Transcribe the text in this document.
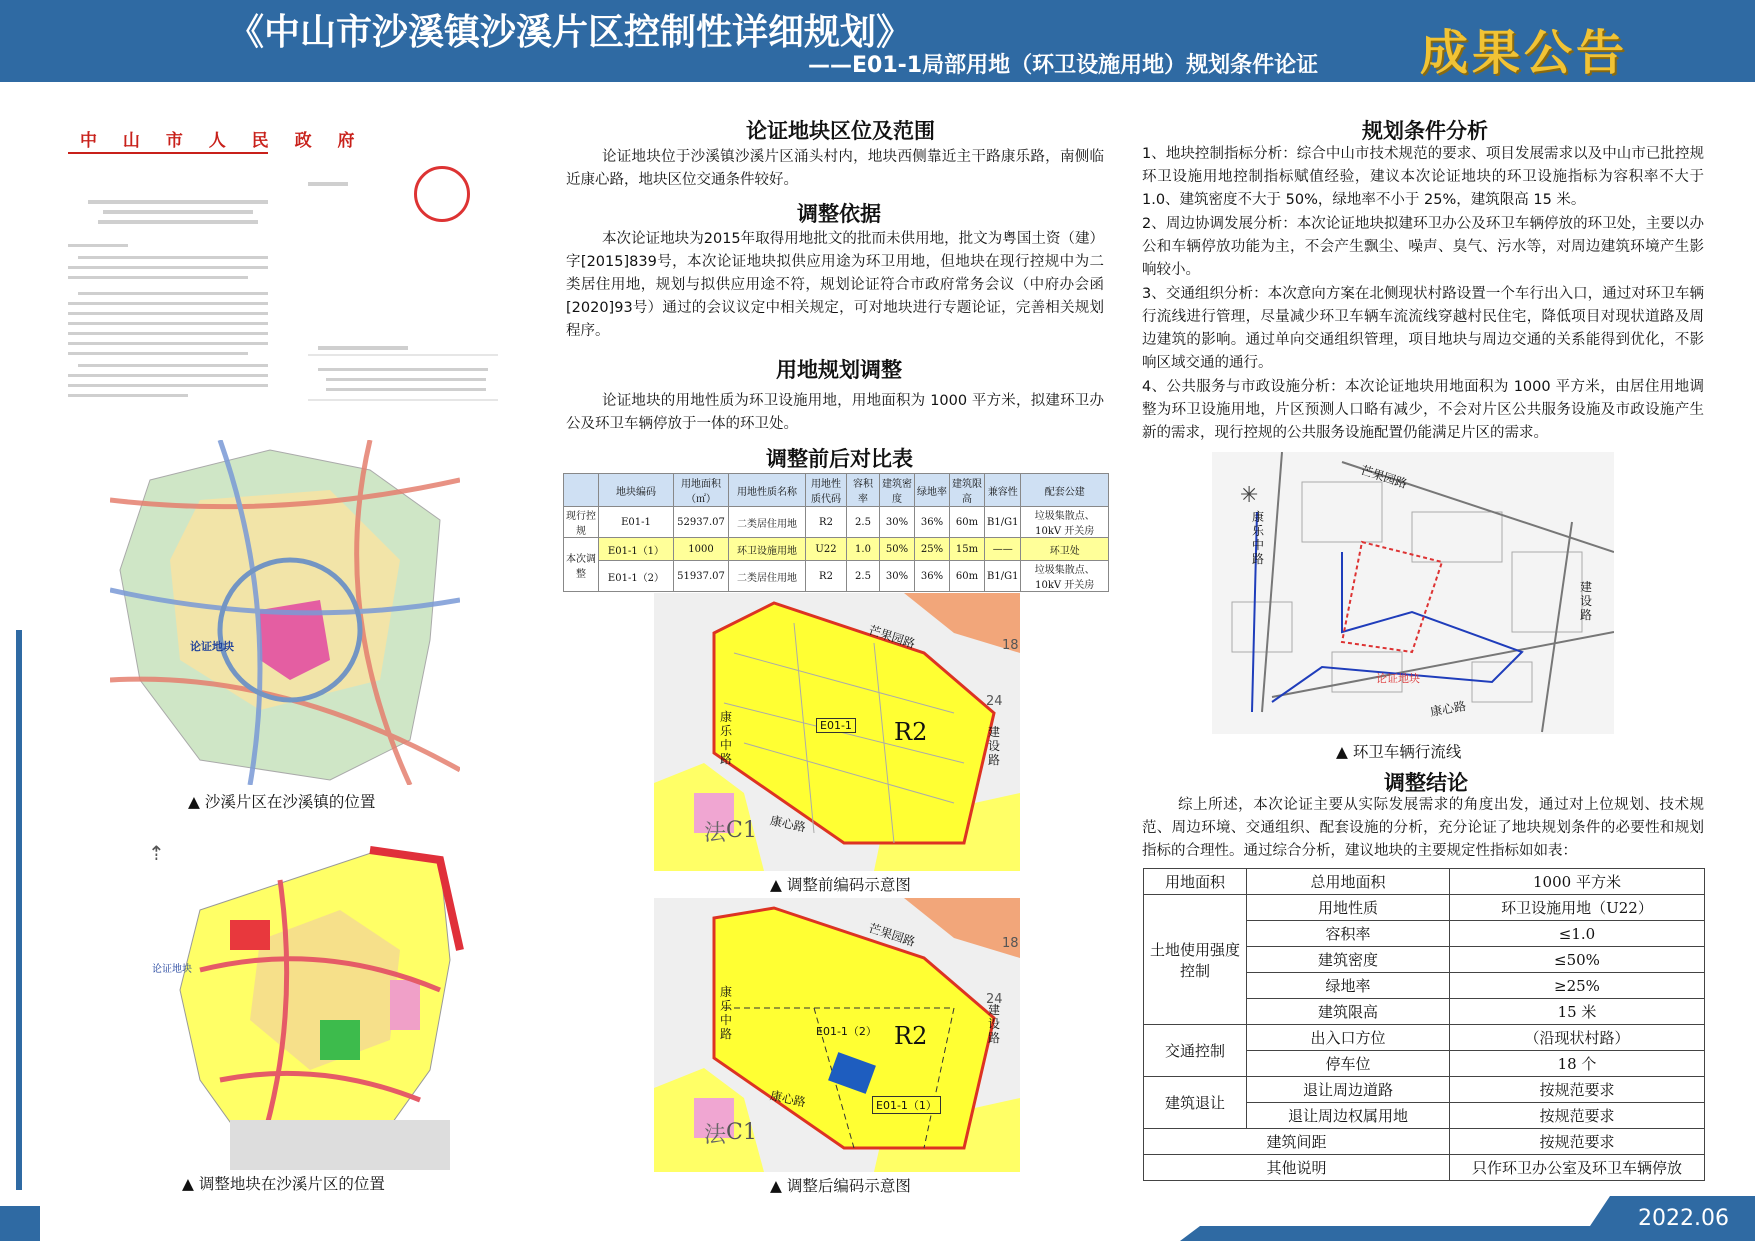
《中山市沙溪镇沙溪片区控制性详细规划》
——E01-1局部用地（环卫设施用地）规划条件论证 成果公告
2022.06
中 山 市 人 民 政 府
论证地块
▲ 沙溪片区在沙溪镇的位置
⇡
论证地块
▲ 调整地块在沙溪片区的位置
论证地块区位及范围
论证地块位于沙溪镇沙溪片区涌头村内，地块西侧靠近主干路康乐路，南侧临近康心路，地块区位交通条件较好。
调整依据
本次论证地块为2015年取得用地批文的批而未供用地，批文为粤国土资（建）字[2015]839号，本次论证地块拟供应用途为环卫用地，但地块在现行控规中为二类居住用地，规划与拟供应用途不符，规划论证符合市政府常务会议（中府办会函[2020]93号）通过的会议议定中相关规定，可对地块进行专题论证，完善相关规划程序。
用地规划调整
论证地块的用地性质为环卫设施用地，用地面积为 1000 平方米，拟建环卫办公及环卫车辆停放于一体的环卫处。
调整前后对比表
	地块编码	用地面积（㎡）	用地性质名称	用地性质代码	容积率	建筑密度	绿地率	建筑限高	兼容性	配套公建
现行控规	E01-1	52937.07	二类居住用地	R2	2.5	30%	36%	60m	B1/G1	垃圾集散点、10kV 开关房
本次调整	E01-1（1）	1000	环卫设施用地	U22	1.0	50%	25%	15m	——	环卫处
	E01-1（2）	51937.07	二类居住用地	R2	2.5	30%	36%	60m	B1/G1	垃圾集散点、10kV 开关房
芒果园路
康乐中路
建设路
康心路
E01-1 R2
法 C1
18
24
▲ 调整前编码示意图
芒果园路
康乐中路
建设路
康心路
E01-1（2）
E01-1（1）
R2
法 C1
18
24
▲ 调整后编码示意图
规划条件分析
1、地块控制指标分析：综合中山市技术规范的要求、项目发展需求以及中山市已批控规环卫设施用地控制指标赋值经验，建议本次论证地块的环卫设施指标为容积率不大于 1.0、建筑密度不大于 50%，绿地率不小于 25%，建筑限高 15 米。
2、周边协调发展分析：本次论证地块拟建环卫办公及环卫车辆停放的环卫处，主要以办公和车辆停放功能为主，不会产生飘尘、噪声、臭气、污水等，对周边建筑环境产生影响较小。
3、交通组织分析：本次意向方案在北侧现状村路设置一个车行出入口，通过对环卫车辆行流线进行管理，尽量减少环卫车辆车流流线穿越村民住宅，降低项目对现状道路及周边建筑的影响。通过单向交通组织管理，项目地块与周边交通的关系能得到优化，不影响区域交通的通行。
4、公共服务与市政设施分析：本次论证地块用地面积为 1000 平方米，由居住用地调整为环卫设施用地，片区预测人口略有减少，不会对片区公共服务设施及市政设施产生新的需求，现行控规的公共服务设施配置仍能满足片区的需求。
✳
芒果园路
康乐中路
建设路
康心路
论证地块
▲ 环卫车辆行流线
调整结论
综上所述，本次论证主要从实际发展需求的角度出发，通过对上位规划、技术规范、周边环境、交通组织、配套设施的分析，充分论证了地块规划条件的必要性和规划指标的合理性。通过综合分析，建议地块的主要规定性指标如如表：
用地面积	总用地面积	1000 平方米
土地使用强度控制	用地性质	环卫设施用地（U22）
	容积率	≤1.0
	建筑密度	≤50%
	绿地率	≥25%
	建筑限高	15 米
交通控制	出入口方位	（沿现状村路）
	停车位	18 个
建筑退让	退让周边道路	按规范要求
	退让周边权属用地	按规范要求
建筑间距		按规范要求
其他说明		只作环卫办公室及环卫车辆停放
